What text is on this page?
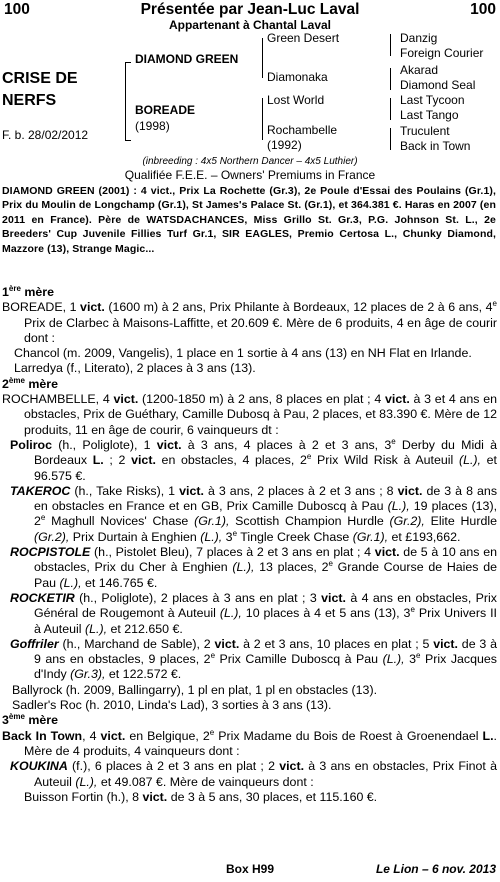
100	Présentée par Jean-Luc Laval	100
Appartenant à Chantal Laval
CRISE DE
NERFS
F. b. 28/02/2012
DIAMOND GREEN
BOREADE
(1998)
Green Desert
Diamonaka
Lost World
Rochambelle
(1992)
Danzig
Foreign Courier
Akarad
Diamond Seal
Last Tycoon
Last Tango
Truculent
Back in Town
(inbreeding : 4x5 Northern Dancer – 4x5 Luthier)
Qualifiée F.E.E. – Owners' Premiums in France
DIAMOND GREEN (2001) : 4 vict., Prix La Rochette (Gr.3), 2e Poule d'Essai des Poulains (Gr.1), Prix du Moulin de Longchamp (Gr.1), St James's Palace St. (Gr.1), et 364.381 €. Haras en 2007 (en 2011 en France). Père de WATSDACHANCES, Miss Grillo St. Gr.3, P.G. Johnson St. L., 2e Breeders' Cup Juvenile Fillies Turf Gr.1, SIR EAGLES, Premio Certosa L., Chunky Diamond, Mazzore (13), Strange Magic...
1ère mère

BOREADE, 1 vict. (1600 m) à 2 ans, Prix Philante à Bordeaux, 12 places de 2 à 6 ans, 4e Prix de Clarbec à Maisons-Laffitte, et 20.609 €. Mère de 6 produits, 4 en âge de courir dont :

Chancol (m. 2009, Vangelis), 1 place en 1 sortie à 4 ans (13) en NH Flat en Irlande.

Larredya (f., Literato), 2 places à 3 ans (13).

2ème mère

ROCHAMBELLE, 4 vict. (1200-1850 m) à 2 ans, 8 places en plat ; 4 vict. à 3 et 4 ans en obstacles, Prix de Guéthary, Camille Dubosq à Pau, 2 places, et 83.390 €. Mère de 12 produits, 11 en âge de courir, 6 vainqueurs dt :

Poliroc (h., Poliglote), 1 vict. à 3 ans, 4 places à 2 et 3 ans, 3e Derby du Midi à Bordeaux L. ; 2 vict. en obstacles, 4 places, 2e Prix Wild Risk à Auteuil (L.), et 96.575 €.

TAKEROC (h., Take Risks), 1 vict. à 3 ans, 2 places à 2 et 3 ans ; 8 vict. de 3 à 8 ans en obstacles en France et en GB, Prix Camille Duboscq à Pau (L.), 19 places (13), 2e Maghull Novices' Chase (Gr.1), Scottish Champion Hurdle (Gr.2), Elite Hurdle (Gr.2), Prix Durtain à Enghien (L.), 3e Tingle Creek Chase (Gr.1), et £193,662.

ROCPISTOLE (h., Pistolet Bleu), 7 places à 2 et 3 ans en plat ; 4 vict. de 5 à 10 ans en obstacles, Prix du Cher à Enghien (L.), 13 places, 2e Grande Course de Haies de Pau (L.), et 146.765 €.

ROCKETIR (h., Poliglote), 2 places à 3 ans en plat ; 3 vict. à 4 ans en obstacles, Prix Général de Rougemont à Auteuil (L.), 10 places à 4 et 5 ans (13), 3e Prix Univers II à Auteuil (L.), et 212.650 €.

Goffriler (h., Marchand de Sable), 2 vict. à 2 et 3 ans, 10 places en plat ; 5 vict. de 3 à 9 ans en obstacles, 9 places, 2e Prix Camille Duboscq à Pau (L.), 3e Prix Jacques d'Indy (Gr.3), et 122.572 €.

Ballyrock (h. 2009, Ballingarry), 1 pl en plat, 1 pl en obstacles (13).

Sadler's Roc (h. 2010, Linda's Lad), 3 sorties à 3 ans (13).

3ème mère

Back In Town, 4 vict. en Belgique, 2e Prix Madame du Bois de Roest à Groenendael L.. Mère de 4 produits, 4 vainqueurs dont :

KOUKINA (f.), 6 places à 2 et 3 ans en plat ; 2 vict. à 3 ans en obstacles, Prix Finot à Auteuil (L.), et 49.087 €. Mère de vainqueurs dont :

Buisson Fortin (h.), 8 vict. de 3 à 5 ans, 30 places, et 115.160 €.

Box H99	Le Lion – 6 nov. 2013
